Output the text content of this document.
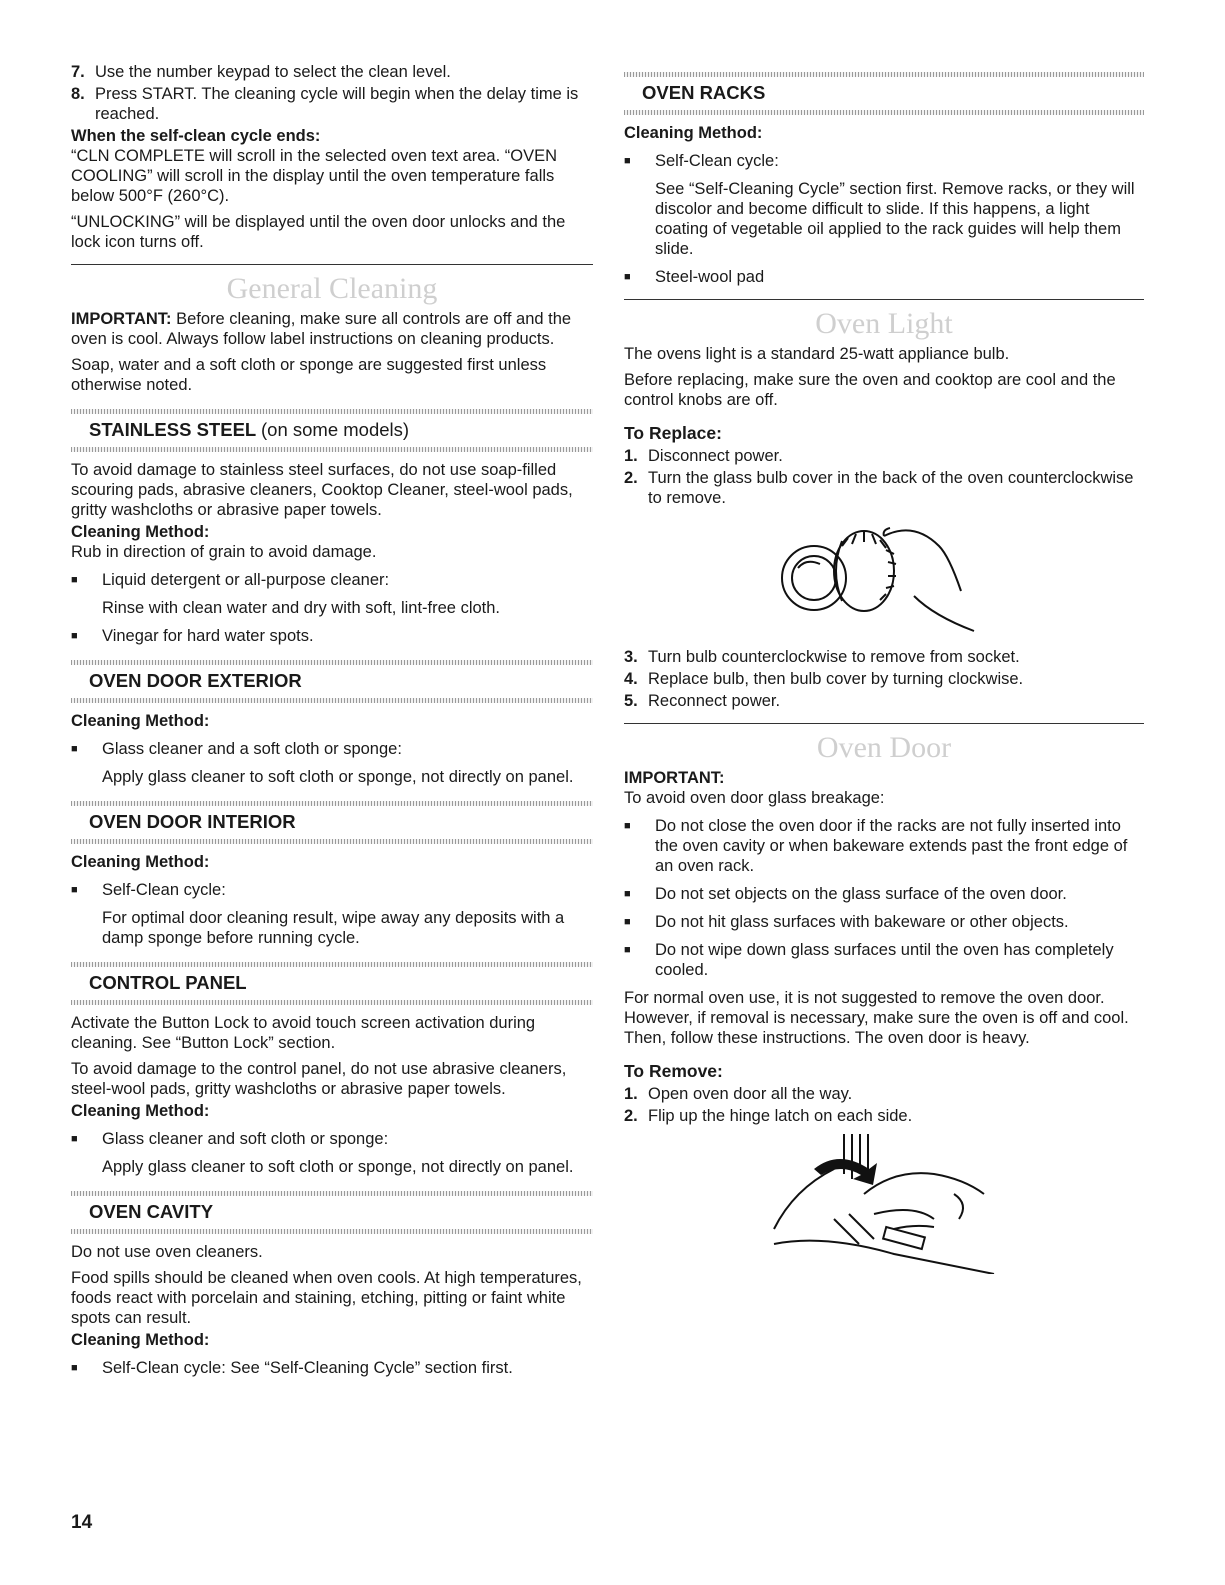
7. Use the number keypad to select the clean level.
8. Press START. The cleaning cycle will begin when the delay time is reached.

When the self-clean cycle ends:

“CLN COMPLETE will scroll in the selected oven text area. “OVEN COOLING” will scroll in the display until the oven temperature falls below 500°F (260°C).

“UNLOCKING” will be displayed until the oven door unlocks and the lock icon turns off.

General Cleaning

IMPORTANT: Before cleaning, make sure all controls are off and the oven is cool. Always follow label instructions on cleaning products.

Soap, water and a soft cloth or sponge are suggested first unless otherwise noted.

STAINLESS STEEL (on some models)

To avoid damage to stainless steel surfaces, do not use soap-filled scouring pads, abrasive cleaners, Cooktop Cleaner, steel-wool pads, gritty washcloths or abrasive paper towels.

Cleaning Method:

Rub in direction of grain to avoid damage.

■	Liquid detergent or all-purpose cleaner:

Rinse with clean water and dry with soft, lint-free cloth.

■	Vinegar for hard water spots.
OVEN DOOR EXTERIOR

Cleaning Method:

■	Glass cleaner and a soft cloth or sponge:

Apply glass cleaner to soft cloth or sponge, not directly on panel.

OVEN DOOR INTERIOR

Cleaning Method:

■	Self-Clean cycle:

For optimal door cleaning result, wipe away any deposits with a damp sponge before running cycle.

CONTROL PANEL

Activate the Button Lock to avoid touch screen activation during cleaning. See “Button Lock” section.

To avoid damage to the control panel, do not use abrasive cleaners, steel-wool pads, gritty washcloths or abrasive paper towels.

Cleaning Method:

■	Glass cleaner and soft cloth or sponge:

Apply glass cleaner to soft cloth or sponge, not directly on panel.

OVEN CAVITY

Do not use oven cleaners.

Food spills should be cleaned when oven cools. At high temperatures, foods react with porcelain and staining, etching, pitting or faint white spots can result.

Cleaning Method:

■	Self-Clean cycle: See “Self-Cleaning Cycle” section first.
OVEN RACKS

Cleaning Method:

■	Self-Clean cycle:

See “Self-Cleaning Cycle” section first. Remove racks, or they will discolor and become difficult to slide. If this happens, a light coating of vegetable oil applied to the rack guides will help them slide.

■	Steel-wool pad
Oven Light

The ovens light is a standard 25-watt appliance bulb.

Before replacing, make sure the oven and cooktop are cool and the control knobs are off.

To Replace:

1. Disconnect power.
2. Turn the glass bulb cover in the back of the oven counterclockwise to remove.
3. Turn bulb counterclockwise to remove from socket.
4. Replace bulb, then bulb cover by turning clockwise.
5. Reconnect power.
Oven Door

IMPORTANT:

To avoid oven door glass breakage:

■	Do not close the oven door if the racks are not fully inserted into the oven cavity or when bakeware extends past the front edge of an oven rack.
■	Do not set objects on the glass surface of the oven door.
■	Do not hit glass surfaces with bakeware or other objects.
■	Do not wipe down glass surfaces until the oven has completely cooled.

For normal oven use, it is not suggested to remove the oven door. However, if removal is necessary, make sure the oven is off and cool. Then, follow these instructions. The oven door is heavy.

To Remove:

1. Open oven door all the way.
2. Flip up the hinge latch on each side.
14
